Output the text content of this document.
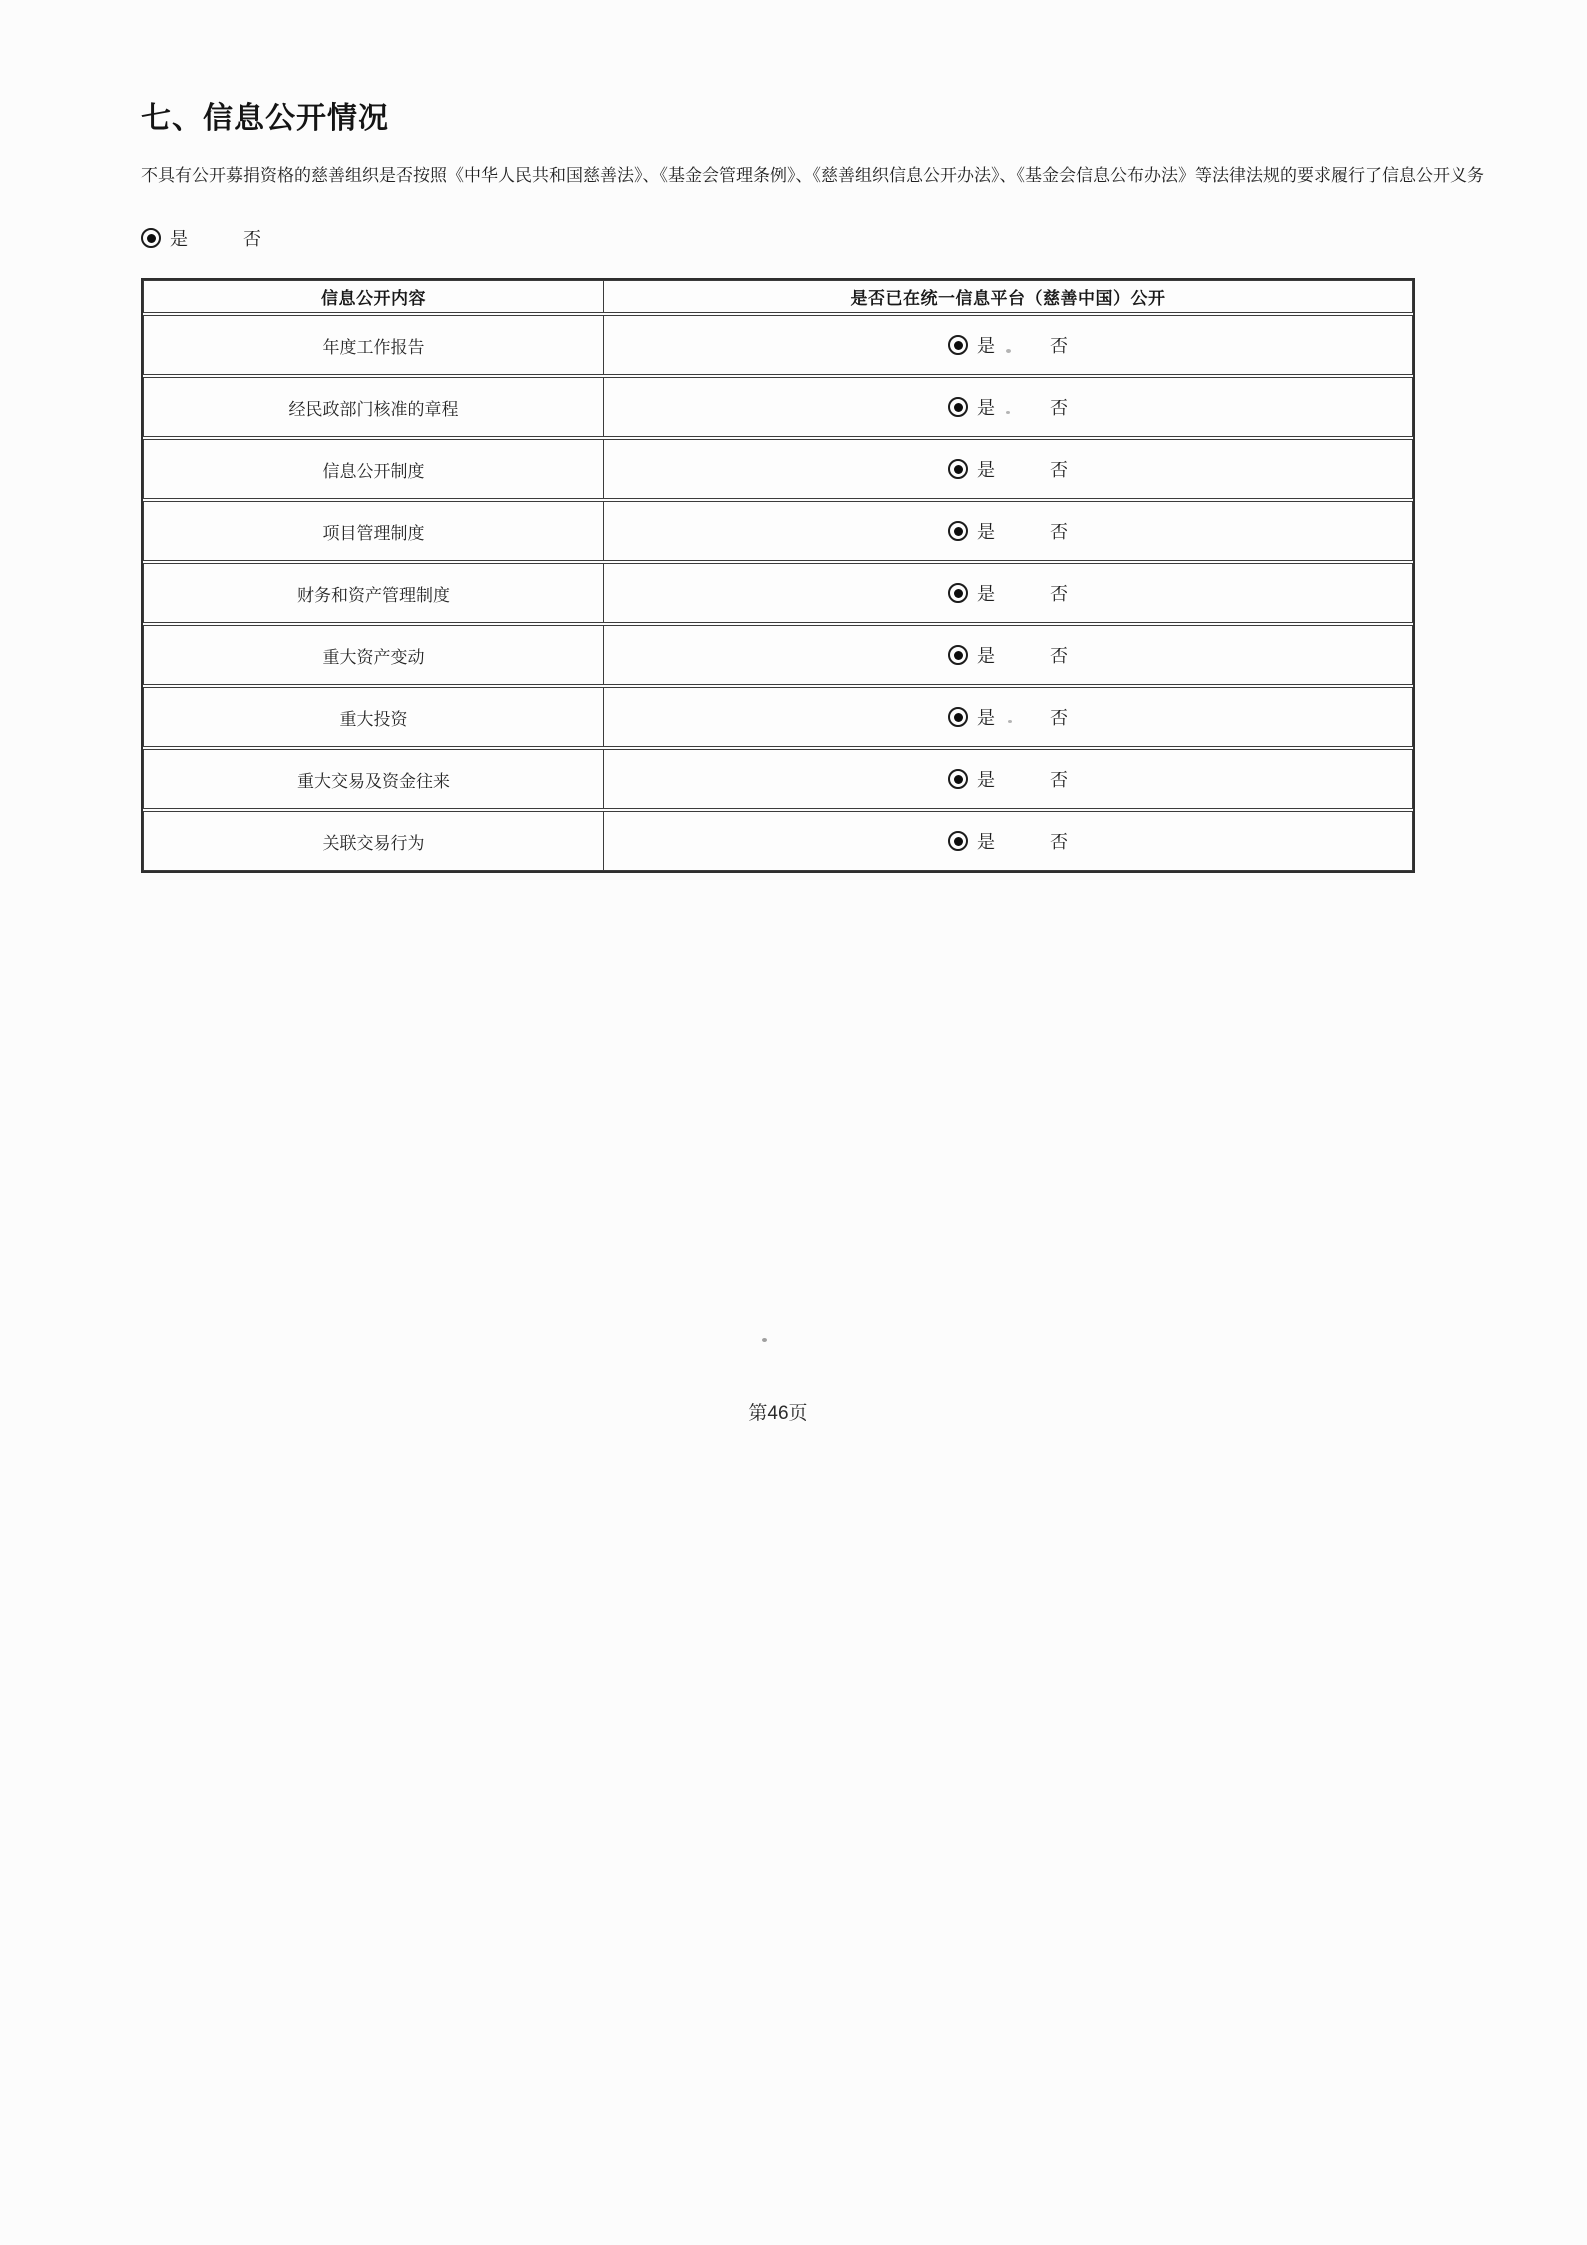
七、信息公开情况
不具有公开募捐资格的慈善组织是否按照《中华人民共和国慈善法》、《基金会管理条例》、《慈善组织信息公开办法》、《基金会信息公布办法》等法律法规的要求履行了信息公开义务
是	否
信息公开内容	是否已在统一信息平台（慈善中国）公开
年度工作报告	是	否
经民政部门核准的章程	是	否
信息公开制度	是	否
项目管理制度	是	否
财务和资产管理制度	是	否
重大资产变动	是	否
重大投资	是	否
重大交易及资金往来	是	否
关联交易行为	是	否
第46页
